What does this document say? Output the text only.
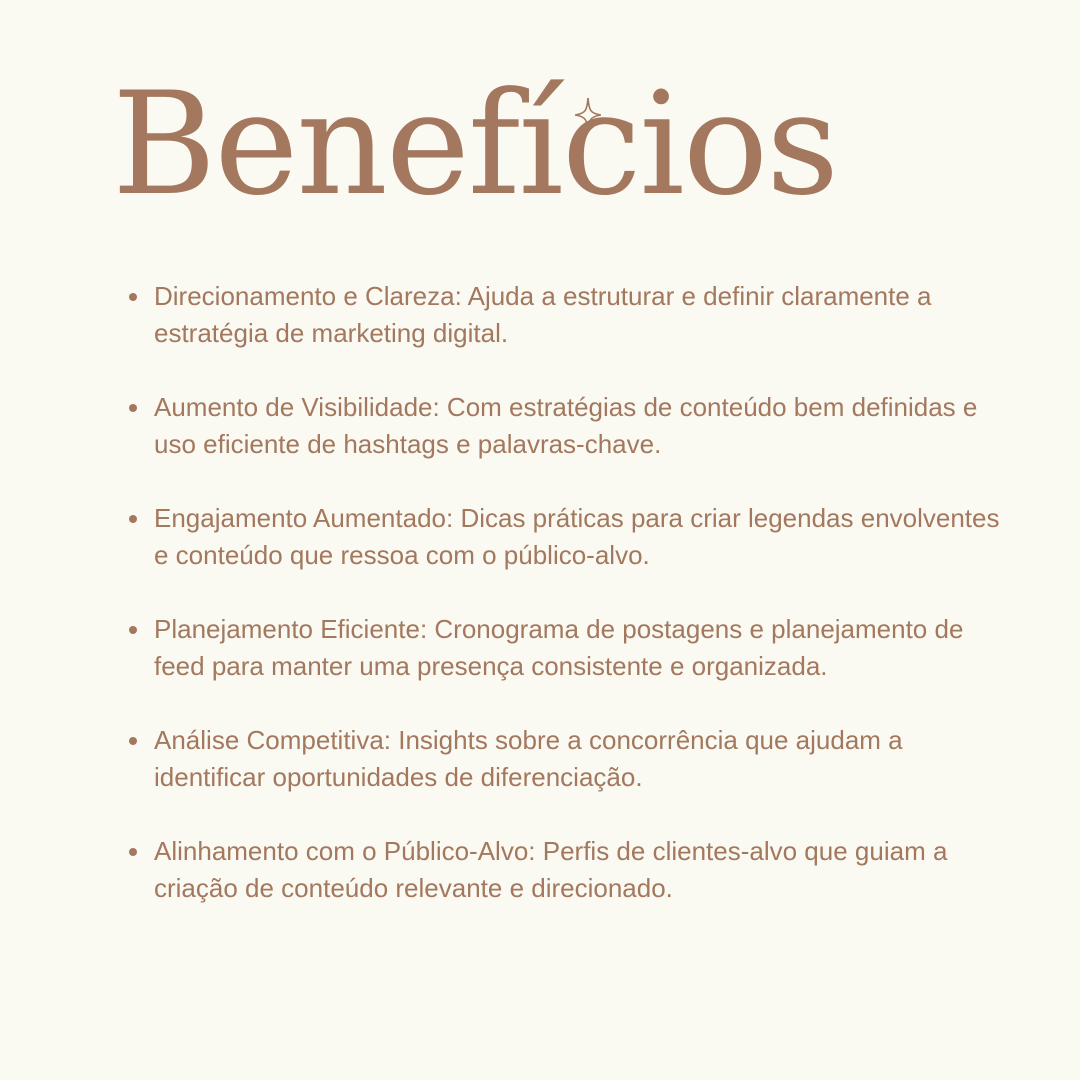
Benefícios
Direcionamento e Clareza: Ajuda a estruturar e definir claramente a estratégia de marketing digital.
Aumento de Visibilidade: Com estratégias de conteúdo bem definidas e uso eficiente de hashtags e palavras-chave.
Engajamento Aumentado: Dicas práticas para criar legendas envolventes e conteúdo que ressoa com o público-alvo.
Planejamento Eficiente: Cronograma de postagens e planejamento de feed para manter uma presença consistente e organizada.
Análise Competitiva: Insights sobre a concorrência que ajudam a identificar oportunidades de diferenciação.
Alinhamento com o Público-Alvo: Perfis de clientes-alvo que guiam a criação de conteúdo relevante e direcionado.
